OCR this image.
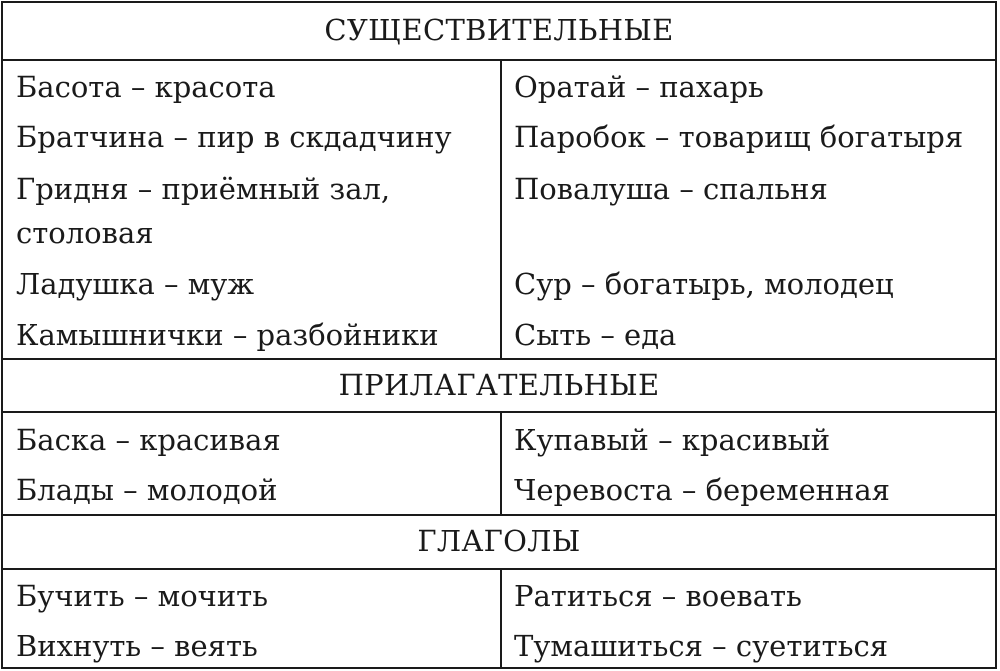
СУЩЕСТВИТЕЛЬНЫЕ
Басота – красота
Братчина – пир в скдадчину
Гридня – приёмный зал,
столовая
Ладушка – муж
Камышнички – разбойники
Оратай – пахарь
Паробок – товарищ богатыря
Повалуша – спальня
Сур – богатырь, молодец
Сыть – еда
ПРИЛАГАТЕЛЬНЫЕ
Баска – красивая
Блады – молодой
Купавый – красивый
Черевоста – беременная
ГЛАГОЛЫ
Бучить – мочить
Вихнуть – веять
Ратиться – воевать
Тумашиться – суетиться
